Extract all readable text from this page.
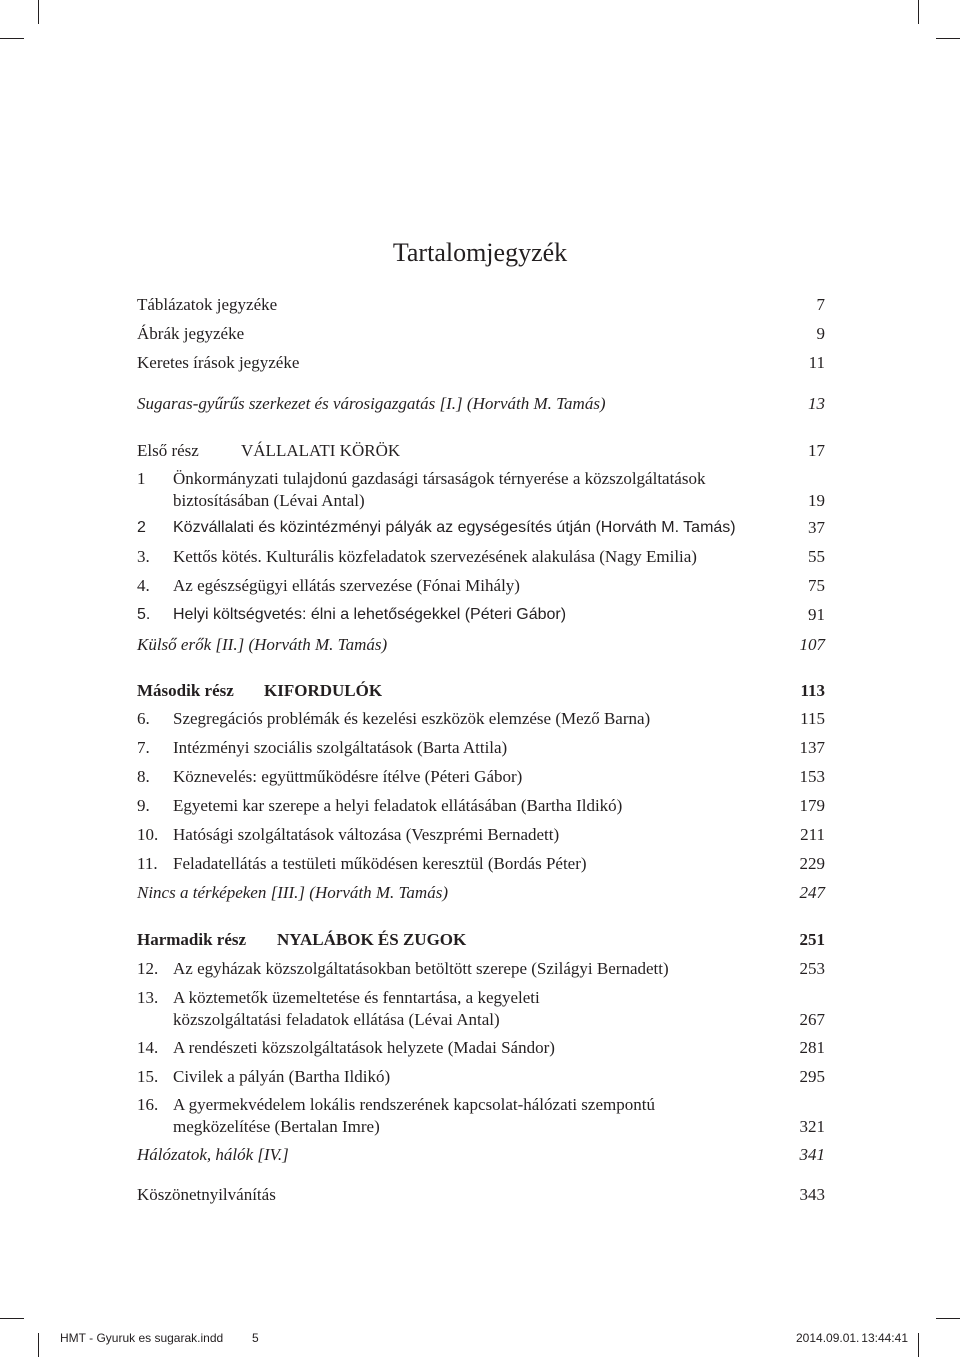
Tartalomjegyzék
Táblázatok jegyzéke	7
Ábrák jegyzéke	9
Keretes írások jegyzéke	11
Sugaras-gyűrűs szerkezet és városigazgatás [I.] (Horváth M. Tamás)	13
Első rész VÁLLALATI KÖRÖK	17
1 Önkormányzati tulajdonú gazdasági társaságok térnyerése a közszolgáltatások
biztosításában (Lévai Antal)	19
2 Közvállalati és közintézményi pályák az egységesítés útján (Horváth M. Tamás)	37
3. Kettős kötés. Kulturális közfeladatok szervezésének alakulása (Nagy Emilia)	55
4. Az egészségügyi ellátás szervezése (Fónai Mihály)	75
5. Helyi költségvetés: élni a lehetőségekkel (Péteri Gábor)	91
Külső erők [II.] (Horváth M. Tamás)	107
Második rész KIFORDULÓK	113
6. Szegregációs problémák és kezelési eszközök elemzése (Mező Barna)	115
7. Intézményi szociális szolgáltatások (Barta Attila)	137
8. Köznevelés: együttműködésre ítélve (Péteri Gábor)	153
9. Egyetemi kar szerepe a helyi feladatok ellátásában (Bartha Ildikó)	179
10. Hatósági szolgáltatások változása (Veszprémi Bernadett)	211
11. Feladatellátás a testületi működésen keresztül (Bordás Péter)	229
Nincs a térképeken [III.] (Horváth M. Tamás)	247
Harmadik rész NYALÁBOK ÉS ZUGOK	251
12. Az egyházak közszolgáltatásokban betöltött szerepe (Szilágyi Bernadett)	253
13. A köztemetők üzemeltetése és fenntartása, a kegyeleti
közszolgáltatási feladatok ellátása (Lévai Antal)	267
14. A rendészeti közszolgáltatások helyzete (Madai Sándor)	281
15. Civilek a pályán (Bartha Ildikó)	295
16. A gyermekvédelem lokális rendszerének kapcsolat-hálózati szempontú
megközelítése (Bertalan Imre)	321
Hálózatok, hálók [IV.]	341
Köszönetnyilvánítás	343
HMT - Gyuruk es sugarak.indd 5	2014.09.01. 13:44:41
